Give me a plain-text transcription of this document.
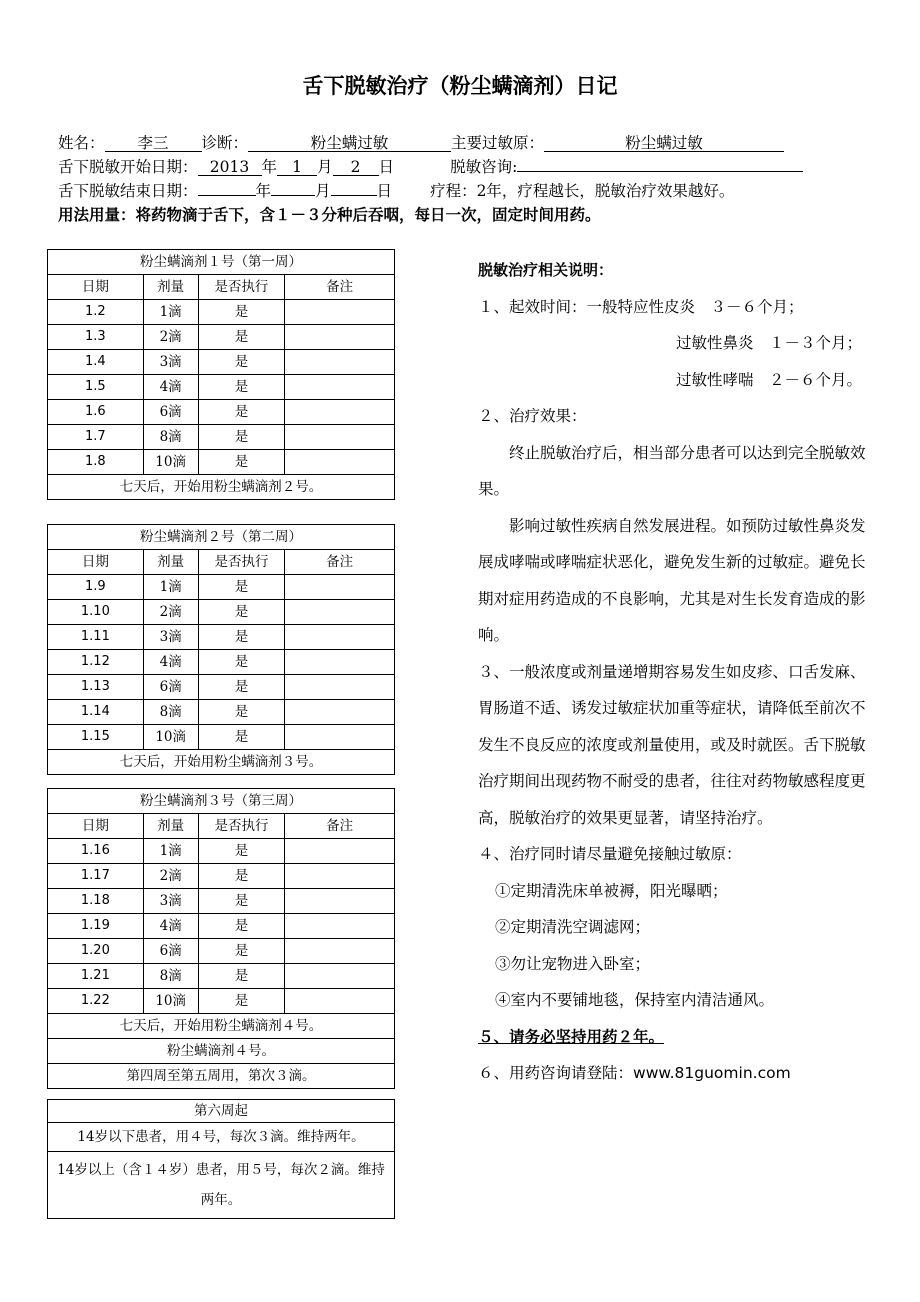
舌下脱敏治疗（粉尘螨滴剂）日记
姓名： 李三 诊断：	粉尘螨过敏	主要过敏原：	粉尘螨过敏
舌下脱敏开始日期： 2013 年 1 月 2 日	脱敏咨询:
舌下脱敏结束日期：	年	月	日 疗程：2年，疗程越长，脱敏治疗效果越好。
用法用量：将药物滴于舌下，含１－３分种后吞咽，每日一次，固定时间用药。
粉尘螨滴剂１号（第一周）			
日期	剂量	是否执行	备注
1.2	1滴	是	
1.3	2滴	是	
1.4	3滴	是	
1.5	4滴	是	
1.6	6滴	是	
1.7	8滴	是	
1.8	10滴	是	
七天后，开始用粉尘螨滴剂２号。			
粉尘螨滴剂２号（第二周）			
日期	剂量	是否执行	备注
1.9	1滴	是	
1.10	2滴	是	
1.11	3滴	是	
1.12	4滴	是	
1.13	6滴	是	
1.14	8滴	是	
1.15	10滴	是	
七天后，开始用粉尘螨滴剂３号。			
粉尘螨滴剂３号（第三周）			
日期	剂量	是否执行	备注
1.16	1滴	是	
1.17	2滴	是	
1.18	3滴	是	
1.19	4滴	是	
1.20	6滴	是	
1.21	8滴	是	
1.22	10滴	是	
七天后，开始用粉尘螨滴剂４号。			
粉尘螨滴剂４号。			
第四周至第五周用，第次３滴。			
第六周起
14岁以下患者，用４号，每次３滴。维持两年。
14岁以上（含１４岁）患者，用５号，每次２滴。维持两年。

脱敏治疗相关说明：

１、起效时间：一般特应性皮炎　３－６个月；

过敏性鼻炎　１－３个月；

过敏性哮喘　２－６个月。

２、治疗效果：

终止脱敏治疗后，相当部分患者可以达到完全脱敏效果。

影响过敏性疾病自然发展进程。如预防过敏性鼻炎发展成哮喘或哮喘症状恶化，避免发生新的过敏症。避免长期对症用药造成的不良影响，尤其是对生长发育造成的影响。

３、一般浓度或剂量递增期容易发生如皮疹、口舌发麻、胃肠道不适、诱发过敏症状加重等症状，请降低至前次不发生不良反应的浓度或剂量使用，或及时就医。舌下脱敏治疗期间出现药物不耐受的患者，往往对药物敏感程度更高，脱敏治疗的效果更显著，请坚持治疗。

４、治疗同时请尽量避免接触过敏原：

①定期清洗床单被褥，阳光曝晒；

②定期清洗空调滤网；

③勿让宠物进入卧室；

④室内不要铺地毯，保持室内清洁通风。

５、请务必坚持用药２年。

６、用药咨询请登陆：www.81guomin.com
